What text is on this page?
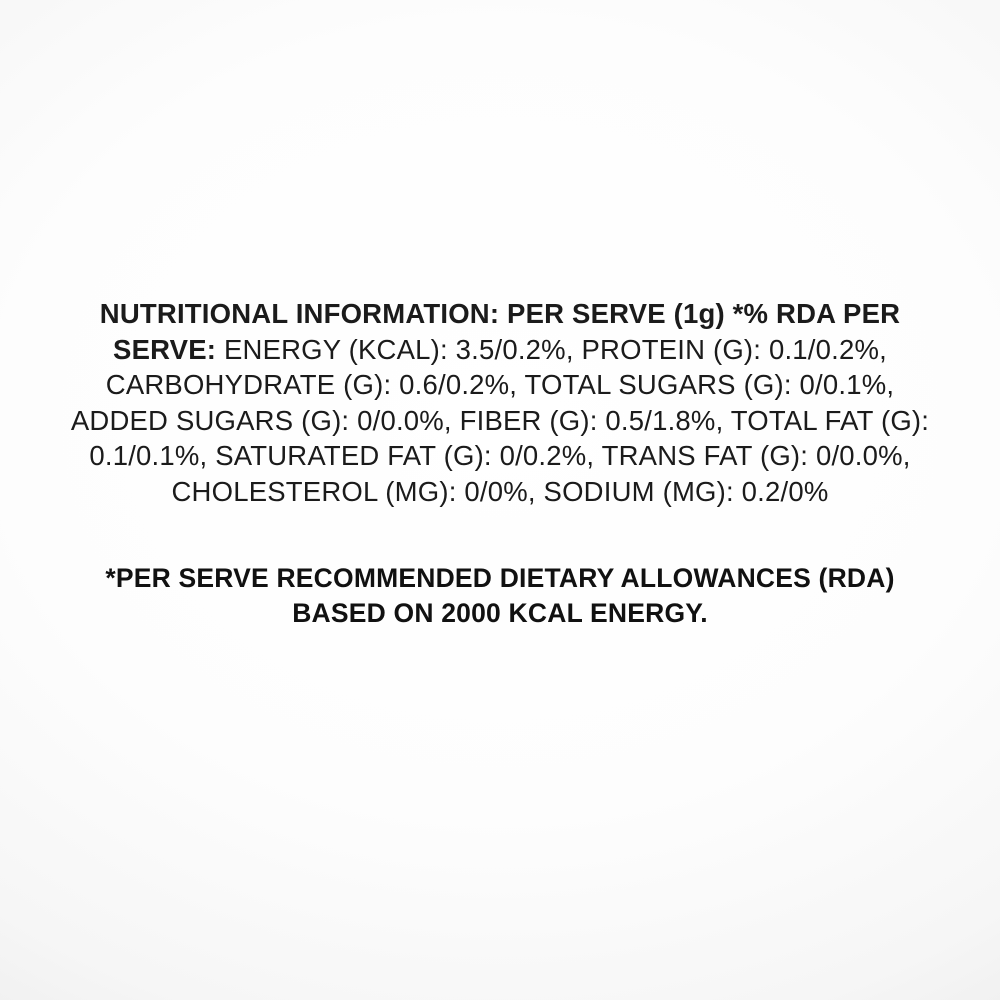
NUTRITIONAL INFORMATION: PER SERVE (1g) *% RDA PER SERVE: ENERGY (KCAL): 3.5/0.2%, PROTEIN (G): 0.1/0.2%, CARBOHYDRATE (G): 0.6/0.2%, TOTAL SUGARS (G): 0/0.1%, ADDED SUGARS (G): 0/0.0%, FIBER (G): 0.5/1.8%, TOTAL FAT (G): 0.1/0.1%, SATURATED FAT (G): 0/0.2%, TRANS FAT (G): 0/0.0%, CHOLESTEROL (MG): 0/0%, SODIUM (MG): 0.2/0%

*PER SERVE RECOMMENDED DIETARY ALLOWANCES (RDA) BASED ON 2000 KCAL ENERGY.
